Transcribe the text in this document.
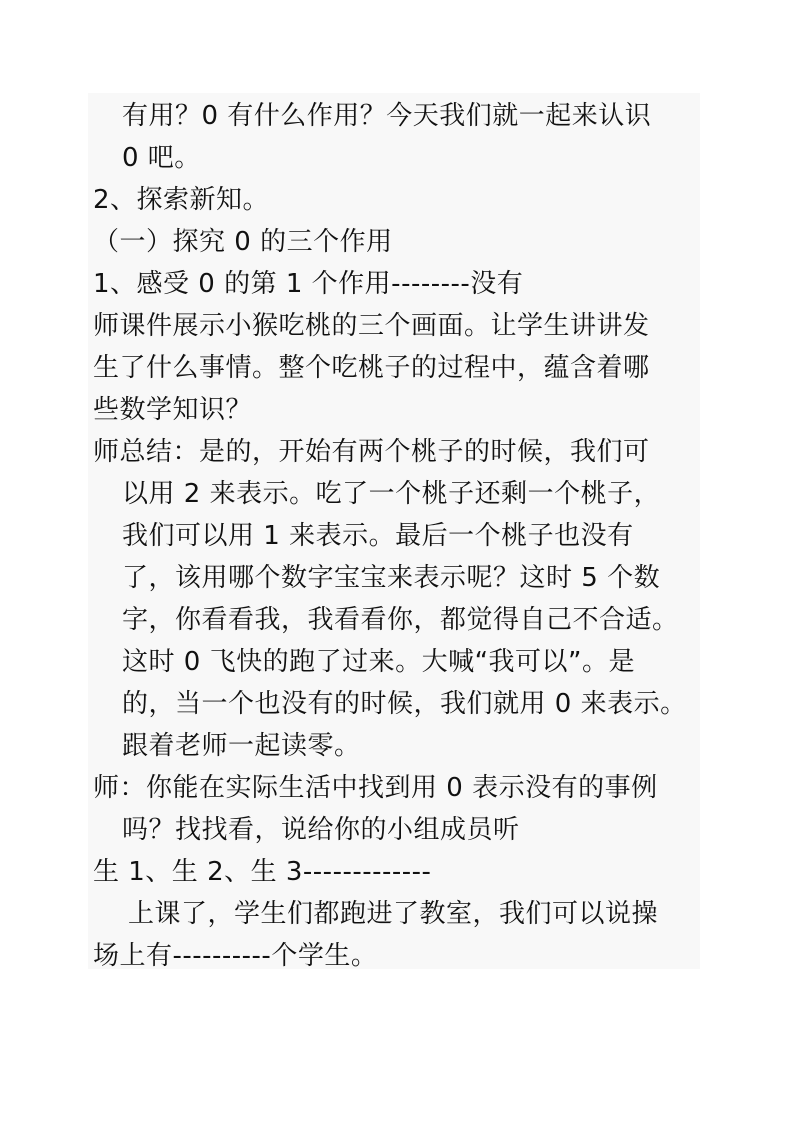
有用？0 有什么作用？今天我们就一起来认识
0 吧。
2、探索新知。
（一）探究 0 的三个作用
1、感受 0 的第 1 个作用--------没有
师课件展示小猴吃桃的三个画面。让学生讲讲发
生了什么事情。整个吃桃子的过程中，蕴含着哪
些数学知识？
师总结：是的，开始有两个桃子的时候，我们可
以用 2 来表示。吃了一个桃子还剩一个桃子，
我们可以用 1 来表示。最后一个桃子也没有
了，该用哪个数字宝宝来表示呢？这时 5 个数
字，你看看我，我看看你，都觉得自己不合适。
这时 0 飞快的跑了过来。大喊“我可以”。是
的，当一个也没有的时候，我们就用 0 来表示。
跟着老师一起读零。
师：你能在实际生活中找到用 0 表示没有的事例
吗？找找看，说给你的小组成员听
生 1、生 2、生 3-------------
上课了，学生们都跑进了教室，我们可以说操
场上有----------个学生。
